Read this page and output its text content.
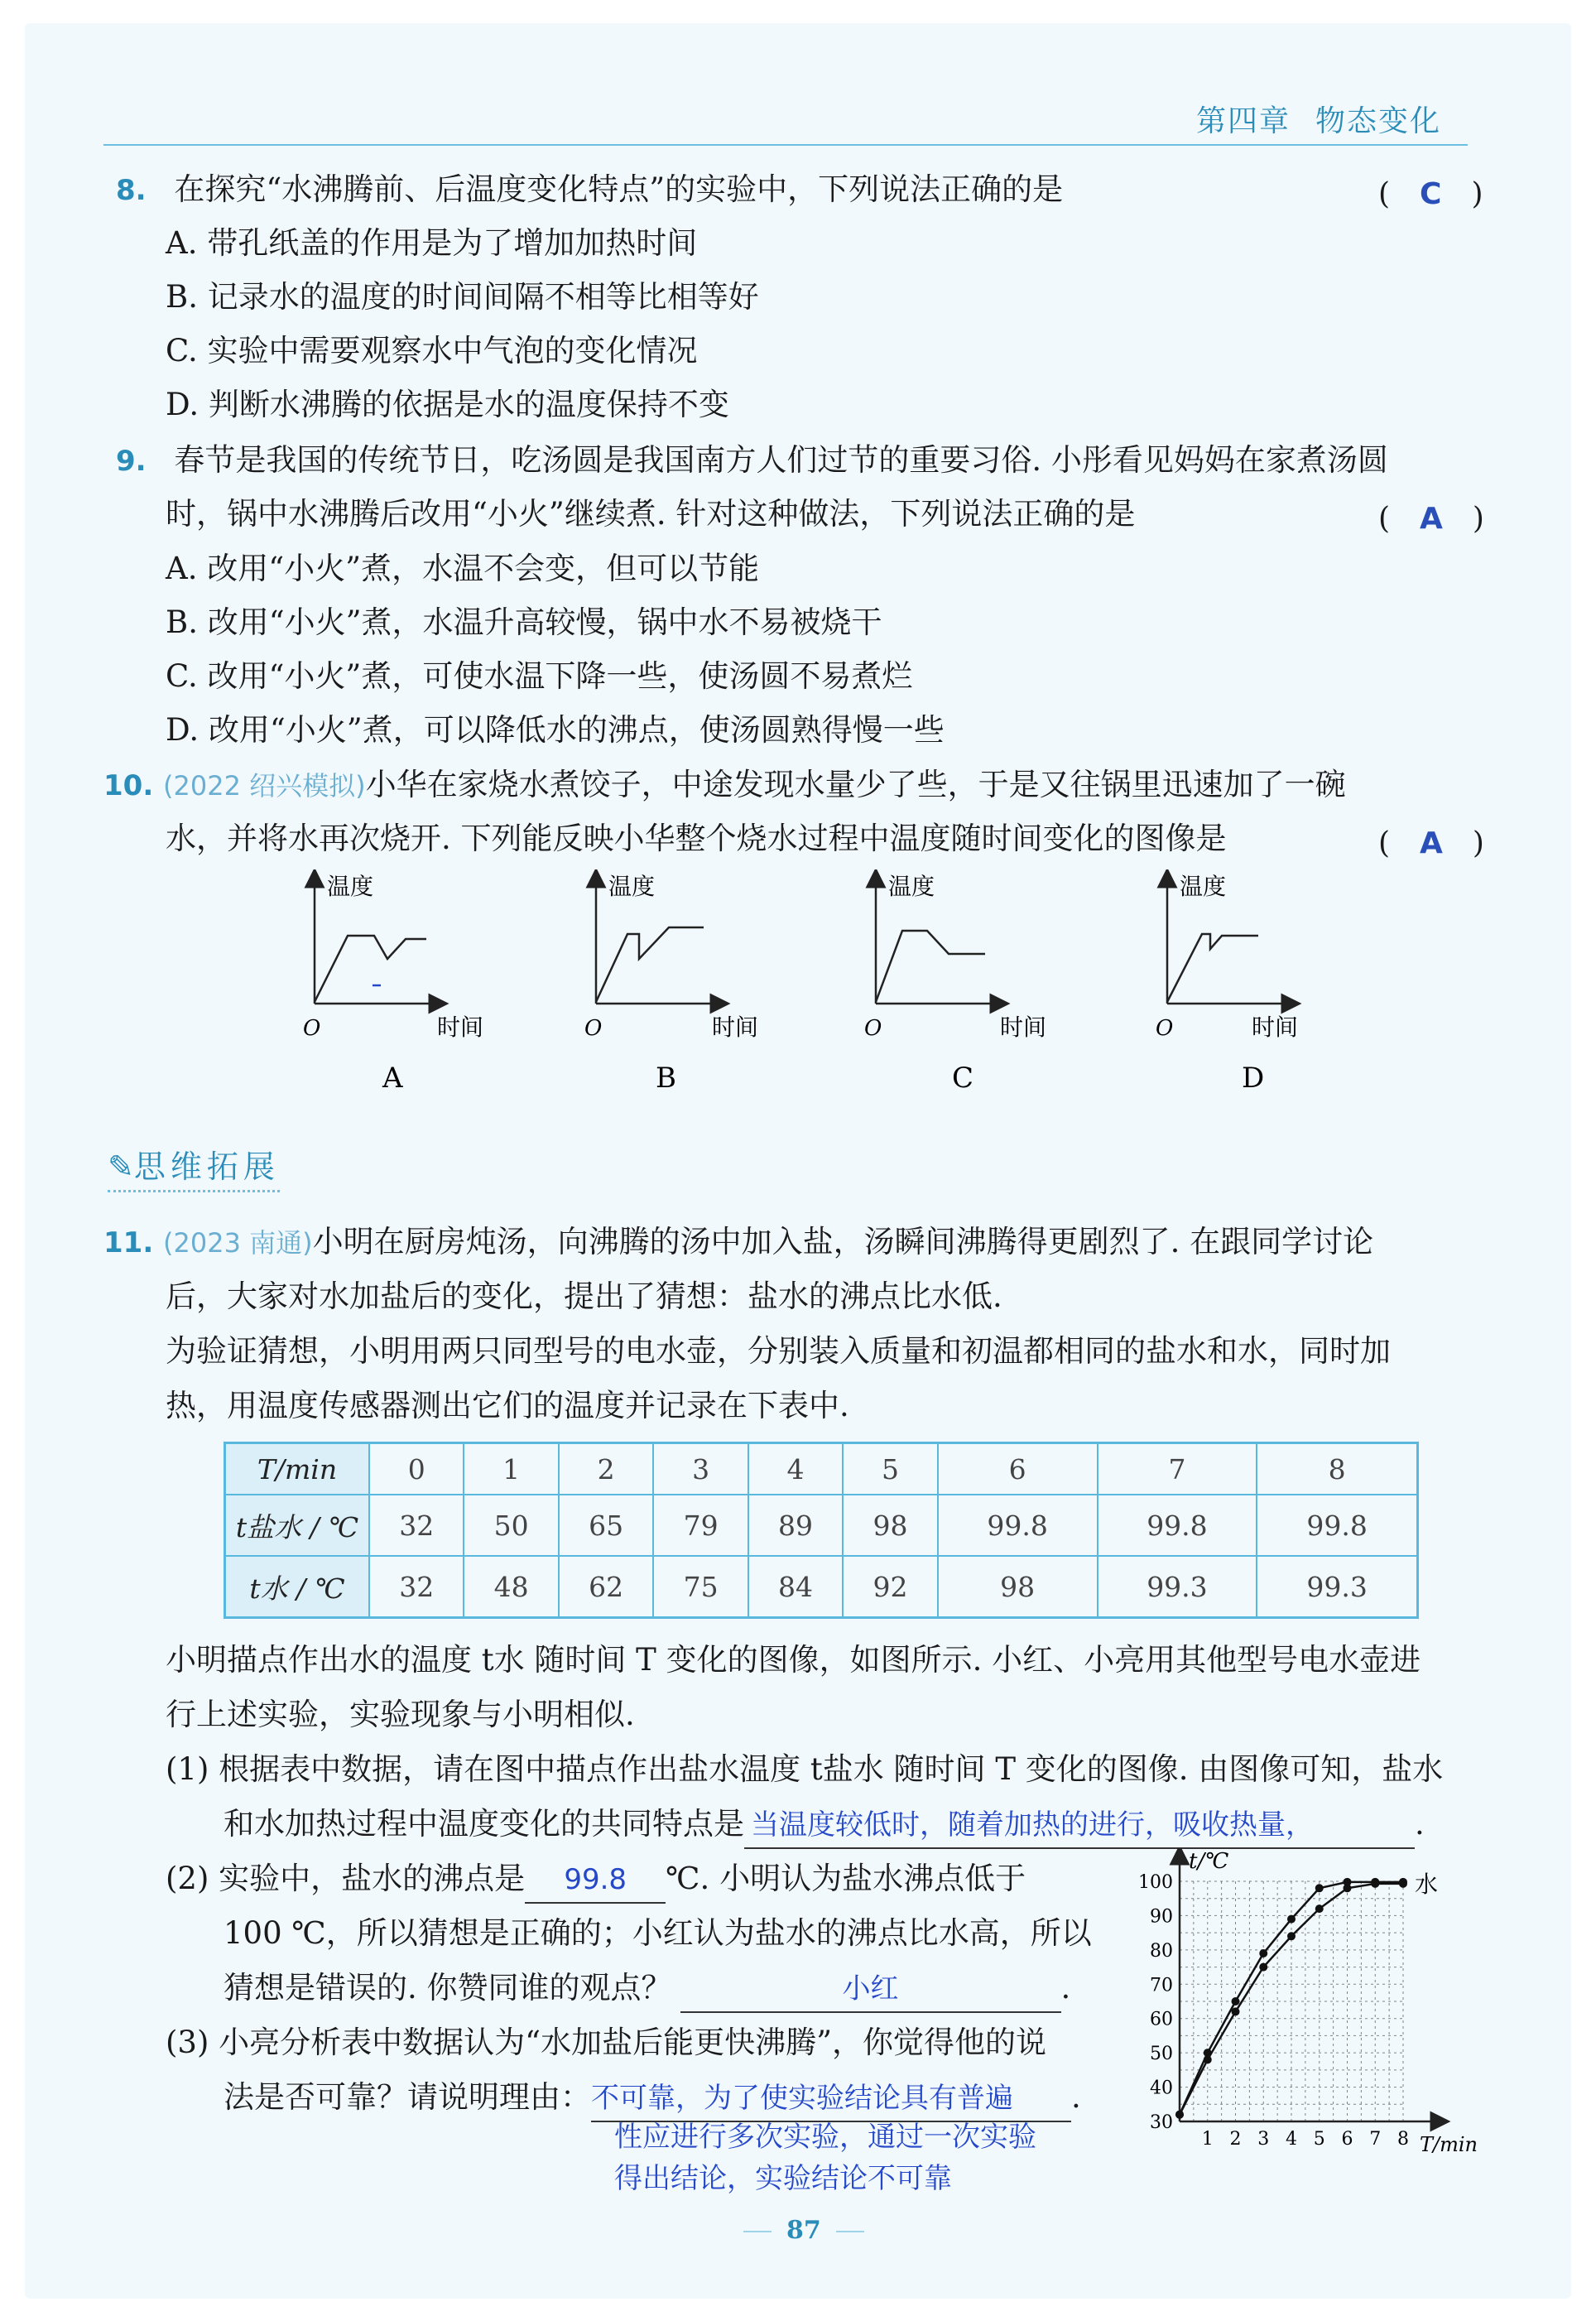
第四章 物态变化
8. 在探究“水沸腾前、后温度变化特点”的实验中，下列说法正确的是	(　C　)
A. 带孔纸盖的作用是为了增加加热时间
B. 记录水的温度的时间间隔不相等比相等好
C. 实验中需要观察水中气泡的变化情况
D. 判断水沸腾的依据是水的温度保持不变
9. 春节是我国的传统节日，吃汤圆是我国南方人们过节的重要习俗. 小彤看见妈妈在家煮汤圆
时，锅中水沸腾后改用“小火”继续煮. 针对这种做法，下列说法正确的是	(　A　)
A. 改用“小火”煮，水温不会变，但可以节能
B. 改用“小火”煮，水温升高较慢，锅中水不易被烧干
C. 改用“小火”煮，可使水温下降一些，使汤圆不易煮烂
D. 改用“小火”煮，可以降低水的沸点，使汤圆熟得慢一些
10. (2022 绍兴模拟)小华在家烧水煮饺子，中途发现水量少了些，于是又往锅里迅速加了一碗
水，并将水再次烧开. 下列能反映小华整个烧水过程中温度随时间变化的图像是	(　A　)
温度
O	时间
A
温度
O	时间
B
温度
O	时间
C
温度
O	时间
D
✎思维拓展
11. (2023 南通)小明在厨房炖汤，向沸腾的汤中加入盐，汤瞬间沸腾得更剧烈了. 在跟同学讨论
后，大家对水加盐后的变化，提出了猜想：盐水的沸点比水低.
为验证猜想，小明用两只同型号的电水壶，分别装入质量和初温都相同的盐水和水，同时加
热，用温度传感器测出它们的温度并记录在下表中.
T/min	0	1	2	3	4	5	6	7	8
t盐水 / ℃	32	50	65	79	89	98	99.8	99.8	99.8
t水 / ℃	32	48	62	75	84	92	98	99.3	99.3
小明描点作出水的温度 t水 随时间 T 变化的图像，如图所示. 小红、小亮用其他型号电水壶进
行上述实验，实验现象与小明相似.
(1) 根据表中数据，请在图中描点作出盐水温度 t盐水 随时间 T 变化的图像. 由图像可知，盐水
和水加热过程中温度变化的共同特点是 当温度较低时，随着加热的进行，吸收热量，	.
(2) 实验中，盐水的沸点是 99.8 ℃. 小明认为盐水沸点低于
100 ℃，所以猜想是正确的；小红认为盐水的沸点比水高，所以
猜想是错误的. 你赞同谁的观点？	小红	.
(3) 小亮分析表中数据认为“水加盐后能更快沸腾”，你觉得他的说
法是否可靠？请说明理由：不可靠，为了使实验结论具有普遍 .
性应进行多次实验，通过一次实验
得出结论，实验结论不可靠
t/℃
T/min
1 2 3 4 5 6 7 8
30
40
50
60
70
80
90
100	水
87
